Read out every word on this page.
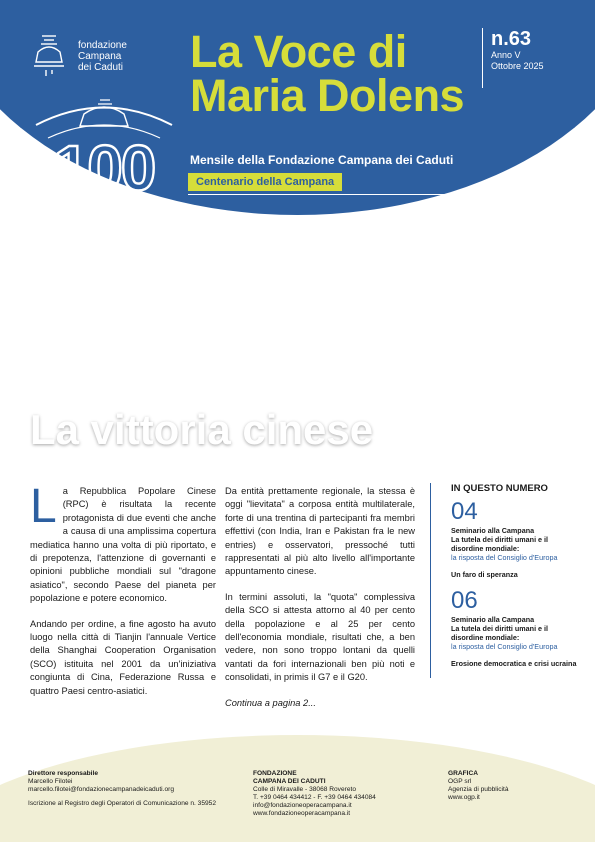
fondazione
Campana
dei Caduti La Voce di
Maria Dolens
n.63
Anno V
Ottobre 2025
Mensile della Fondazione Campana dei Caduti
Centenario della Campana
100
La vittoria cinese
©wildpixel

L a Repubblica Popolare Cinese (RPC) è risultata la recente protagonista di due eventi che anche a causa di una amplissima copertura mediatica hanno una volta di più riportato, e di prepotenza, l'attenzione di governanti e opinioni pubbliche mondiali sul "dragone asiatico", secondo Paese del pianeta per popolazione e potere economico.

Andando per ordine, a fine agosto ha avuto luogo nella città di Tianjin l'annuale Vertice della Shanghai Cooperation Organisation (SCO) istituita nel 2001 da un'iniziativa congiunta di Cina, Federazione Russa e quattro Paesi centro-asiatici.

Da entità prettamente regionale, la stessa è oggi "lievitata" a corposa entità multilaterale, forte di una trentina di partecipanti fra membri effettivi (con India, Iran e Pakistan fra le new entries) e osservatori, pressoché tutti rappresentati al più alto livello all'importante appuntamento cinese.

In termini assoluti, la "quota" complessiva della SCO si attesta attorno al 40 per cento della popolazione e al 25 per cento dell'economia mondiale, risultati che, a ben vedere, non sono troppo lontani da quelli vantati da fori internazionali ben più noti e consolidati, in primis il G7 e il G20.

Continua a pagina 2...

IN QUESTO NUMERO
04
Seminario alla Campana
La tutela dei diritti umani e il disordine mondiale:
la risposta del Consiglio d'Europa
Un faro di speranza
06
Seminario alla Campana
La tutela dei diritti umani e il disordine mondiale:
la risposta del Consiglio d'Europa
Erosione democratica e crisi ucraina
Direttore responsabile
Marcello Filotei
marcello.filotei@fondazionecampanadeicaduti.org
Iscrizione al Registro degli Operatori di Comunicazione n. 35952
FONDAZIONE
CAMPANA DEI CADUTI
Colle di Miravalle - 38068 Rovereto
T. +39 0464 434412 - F. +39 0464 434084
info@fondazioneoperacampana.it
www.fondazioneoperacampana.it
GRAFICA
OGP srl
Agenzia di pubblicità
www.ogp.it
